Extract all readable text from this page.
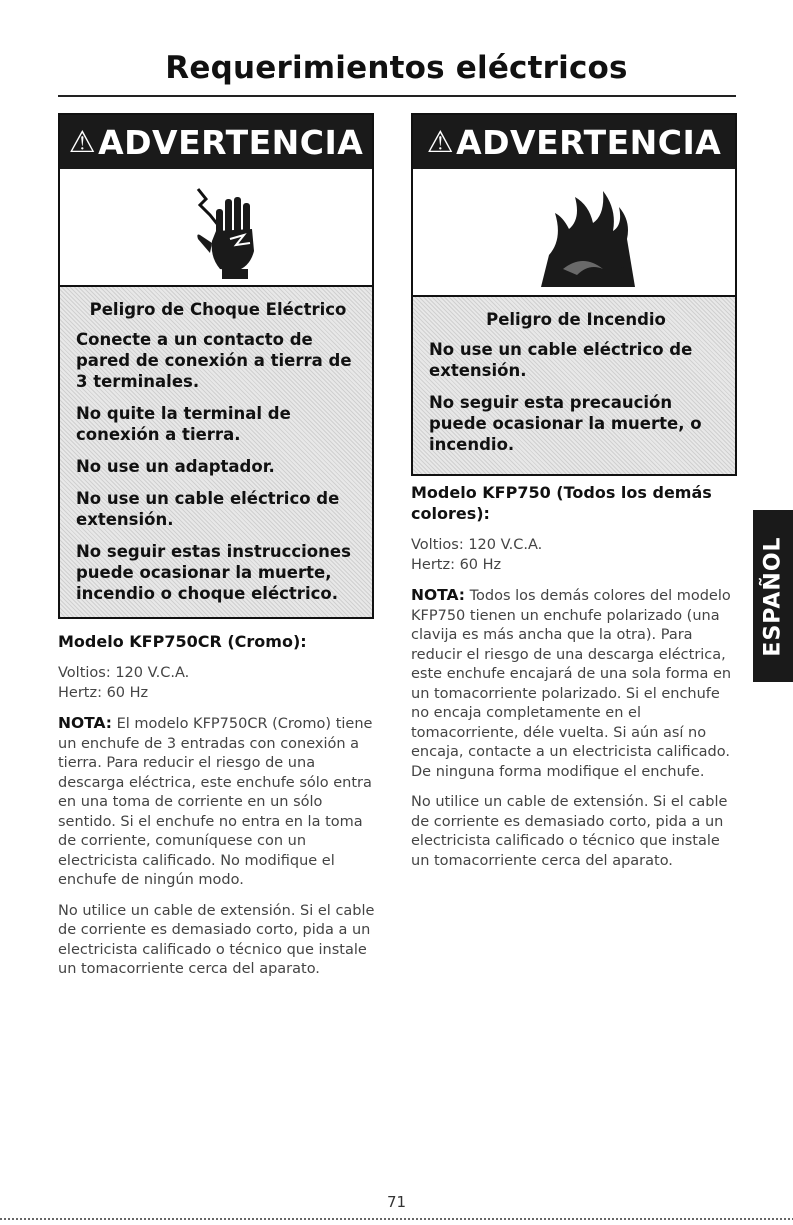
Requerimientos eléctricos
⚠ ADVERTENCIA

Peligro de Choque Eléctrico

Conecte a un contacto de pared de conexión a tierra de 3 terminales.

No quite la terminal de conexión a tierra.

No use un adaptador.

No use un cable eléctrico de extensión.

No seguir estas instrucciones puede ocasionar la muerte, incendio o choque eléctrico.

⚠ ADVERTENCIA

Peligro de Incendio

No use un cable eléctrico de extensión.

No seguir esta precaución puede ocasionar la muerte, o incendio.

Modelo KFP750CR (Cromo):

Voltios: 120 V.C.A.
Hertz: 60 Hz

NOTA: El modelo KFP750CR (Cromo) tiene un enchufe de 3 entradas con conexión a tierra. Para reducir el riesgo de una descarga eléctrica, este enchufe sólo entra en una toma de corriente en un sólo sentido. Si el enchufe no entra en la toma de corriente, comuníquese con un electricista calificado. No modifique el enchufe de ningún modo.

No utilice un cable de extensión. Si el cable de corriente es demasiado corto, pida a un electricista calificado o técnico que instale un tomacorriente cerca del aparato.

Modelo KFP750 (Todos los demás colores):

Voltios: 120 V.C.A.
Hertz: 60 Hz

NOTA: Todos los demás colores del modelo KFP750 tienen un enchufe polarizado (una clavija es más ancha que la otra). Para reducir el riesgo de una descarga eléctrica, este enchufe encajará de una sola forma en un tomacorriente polarizado. Si el enchufe no encaja completamente en el tomacorriente, déle vuelta. Si aún así no encaja, contacte a un electricista calificado. De ninguna forma modifique el enchufe.

No utilice un cable de extensión. Si el cable de corriente es demasiado corto, pida a un electricista calificado o técnico que instale un tomacorriente cerca del aparato.

ESPAÑOL
71
